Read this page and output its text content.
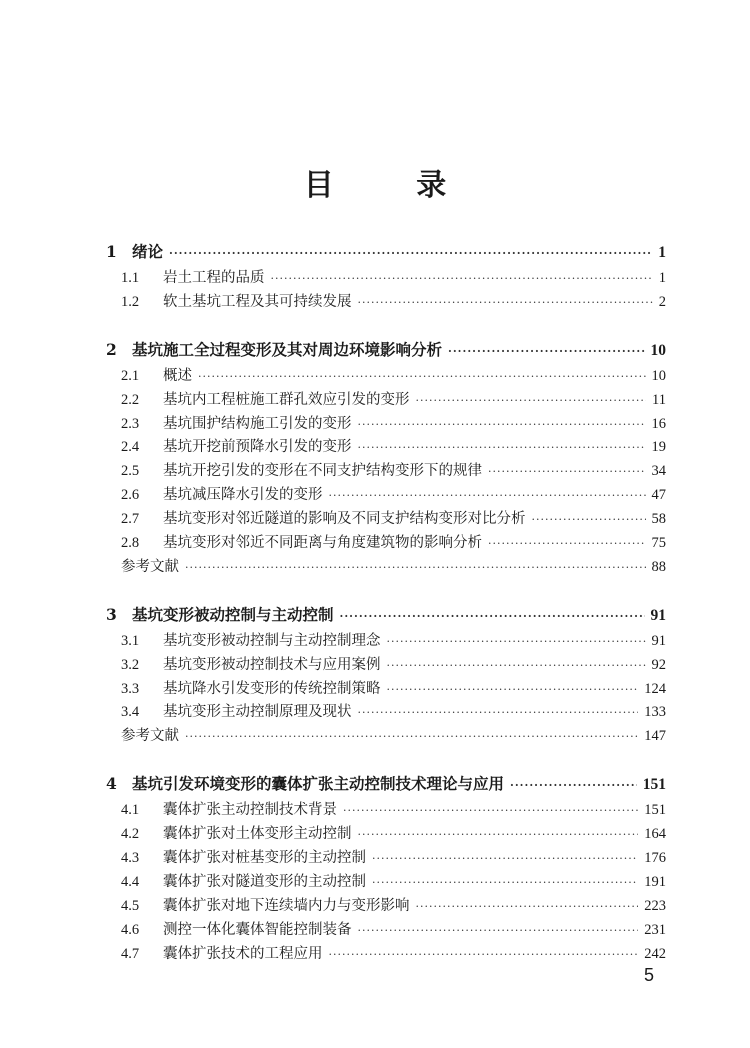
目 录
1 绪论 ·····	1
1.1	岩土工程的品质 ·····	1
1.2	软土基坑工程及其可持续发展 ·····	2
2 基坑施工全过程变形及其对周边环境影响分析 ·····	10
2.1	概述 ·····	10
2.2	基坑内工程桩施工群孔效应引发的变形 ·····	11
2.3	基坑围护结构施工引发的变形 ·····	16
2.4	基坑开挖前预降水引发的变形 ·····	19
2.5	基坑开挖引发的变形在不同支护结构变形下的规律 ·····	34
2.6	基坑减压降水引发的变形 ·····	47
2.7	基坑变形对邻近隧道的影响及不同支护结构变形对比分析 ·····	58
2.8	基坑变形对邻近不同距离与角度建筑物的影响分析 ·····	75
参考文献 ·····	88
3 基坑变形被动控制与主动控制 ·····	91
3.1	基坑变形被动控制与主动控制理念 ·····	91
3.2	基坑变形被动控制技术与应用案例 ·····	92
3.3	基坑降水引发变形的传统控制策略 ·····	124
3.4	基坑变形主动控制原理及现状 ·····	133
参考文献 ·····	147
4 基坑引发环境变形的囊体扩张主动控制技术理论与应用 ·····	151
4.1	囊体扩张主动控制技术背景 ·····	151
4.2	囊体扩张对土体变形主动控制 ·····	164
4.3	囊体扩张对桩基变形的主动控制 ·····	176
4.4	囊体扩张对隧道变形的主动控制 ·····	191
4.5	囊体扩张对地下连续墙内力与变形影响 ·····	223
4.6	测控一体化囊体智能控制装备 ·····	231
4.7	囊体扩张技术的工程应用 ·····	242
5
